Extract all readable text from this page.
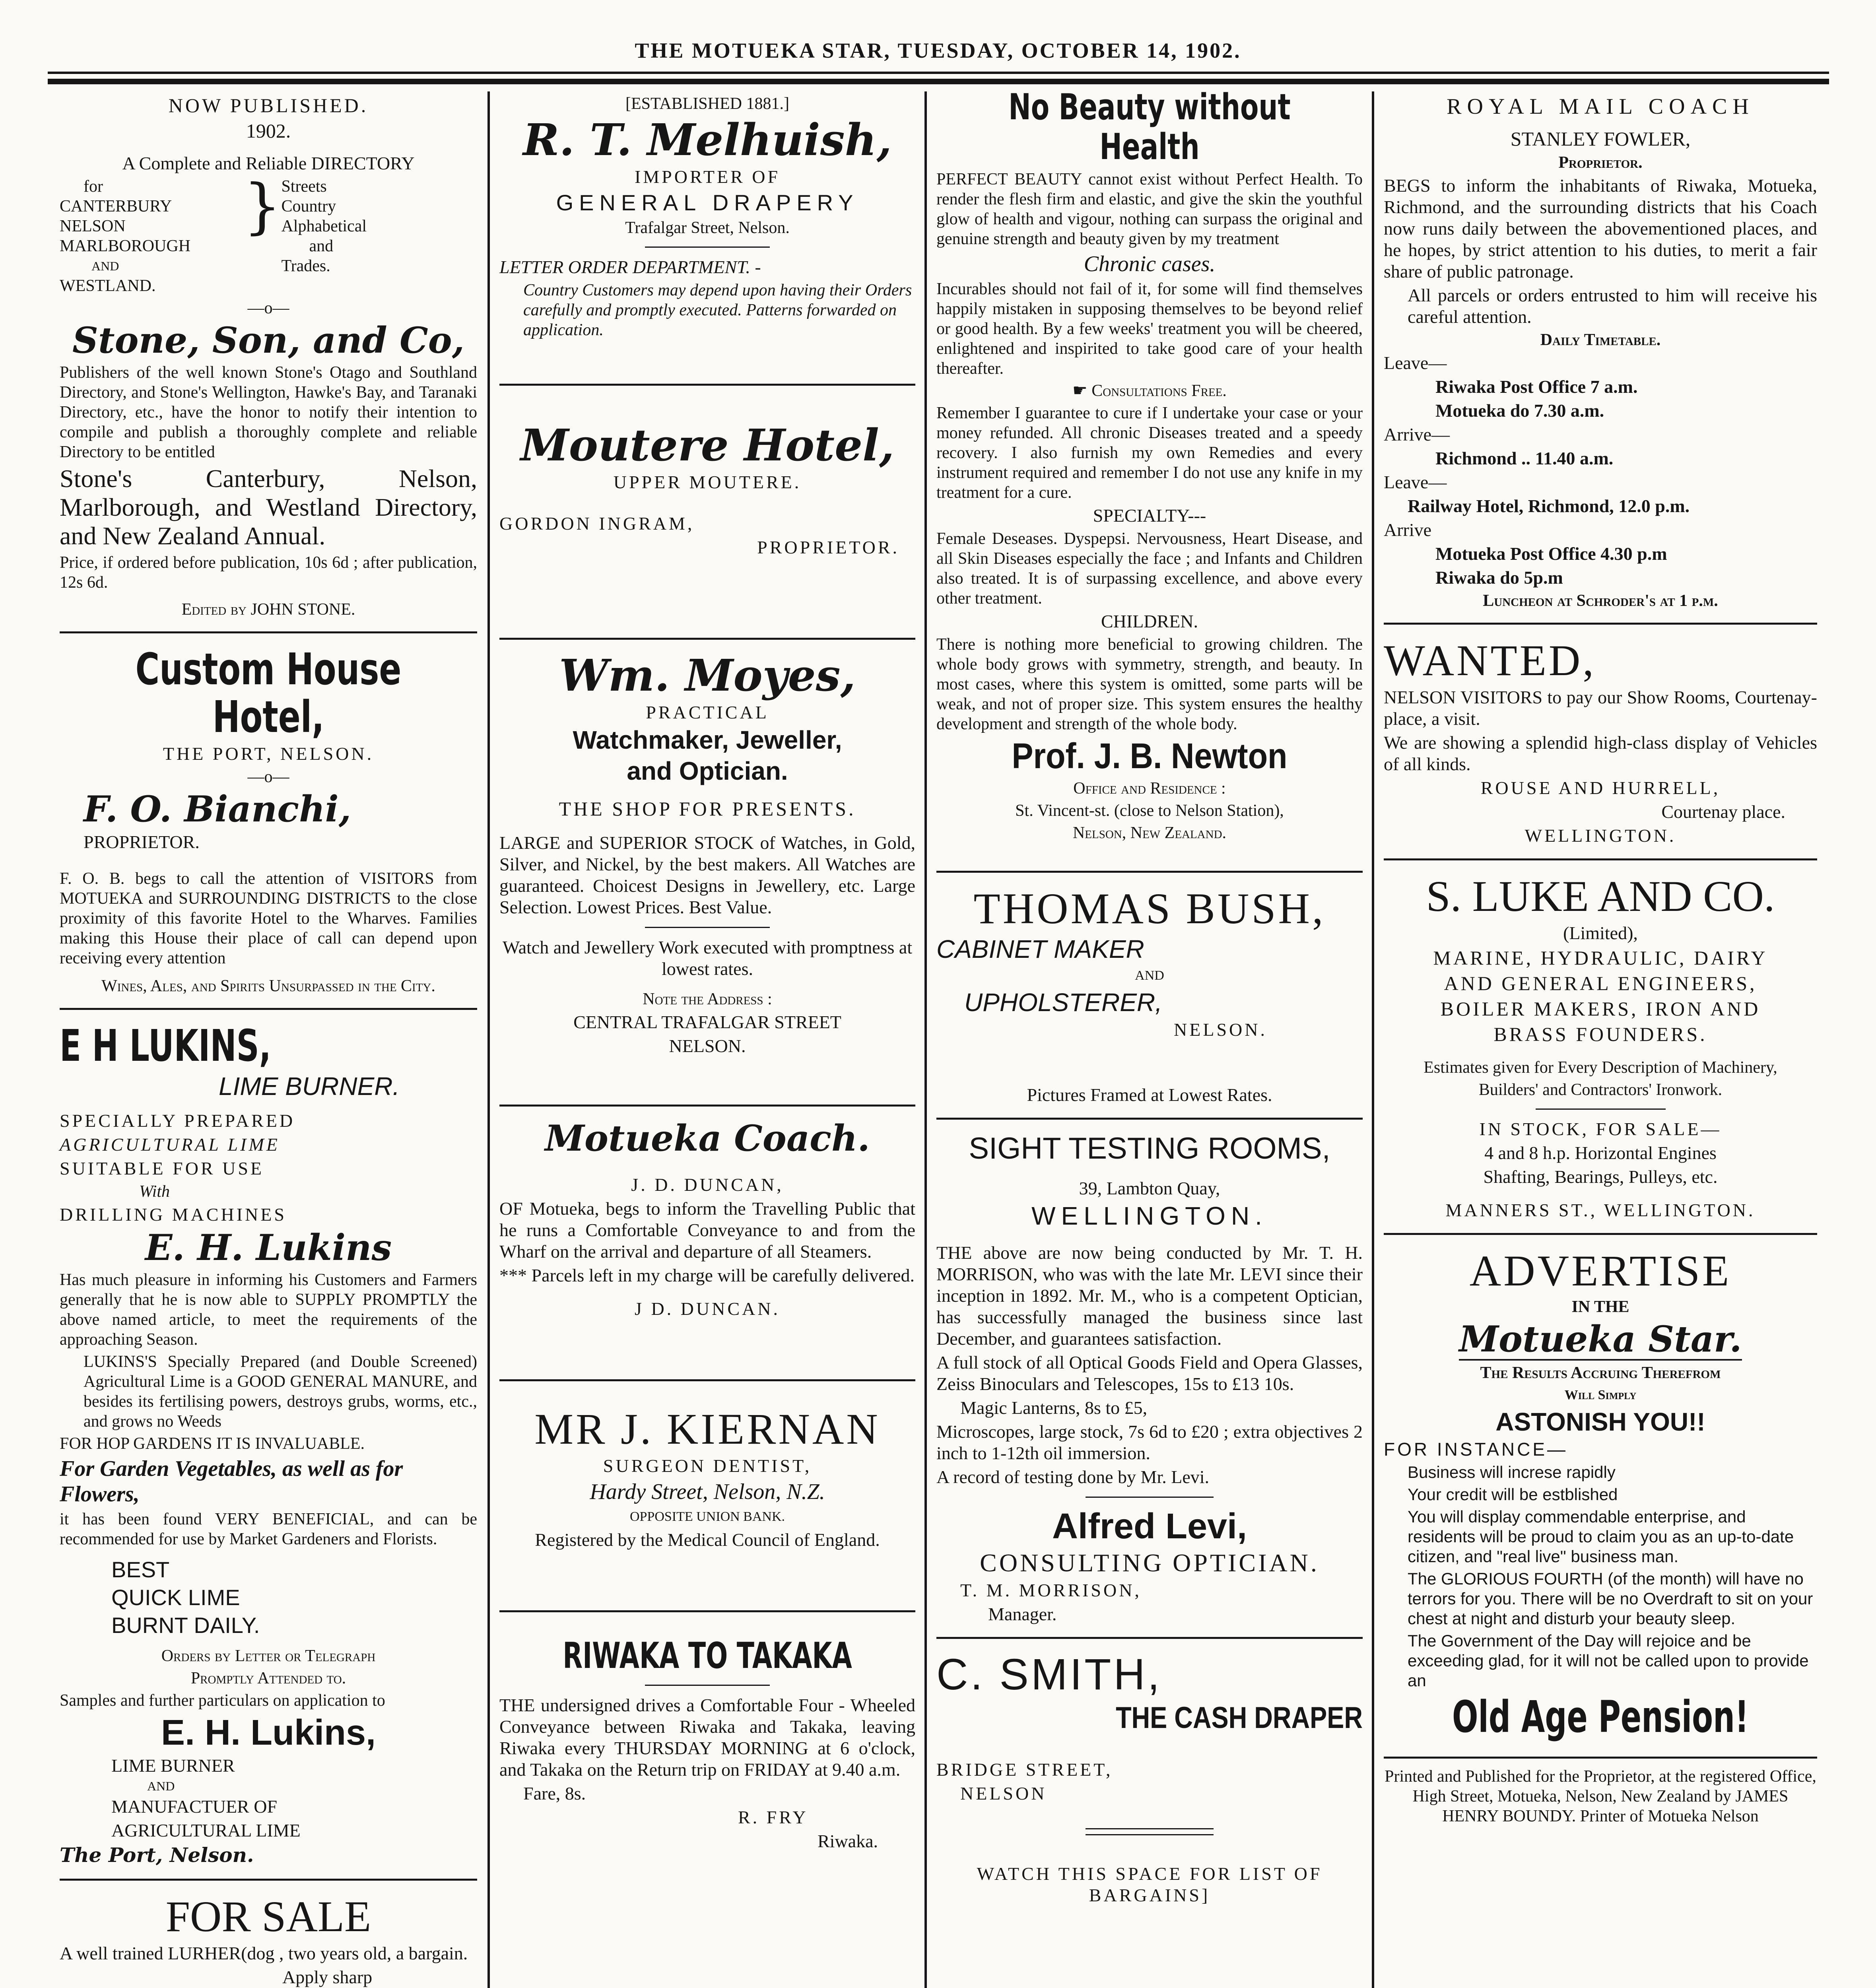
THE MOTUEKA STAR, TUESDAY, OCTOBER 14, 1902.

NOW PUBLISHED.

1902.

A Complete and Reliable DIRECTORY

for
CANTERBURY
NELSON
MARLBOROUGH
AND
WESTLAND.
	}	Streets
Country
Alphabetical
and
Trades.

—o—

Stone, Son, and Co,

Publishers of the well known Stone's Otago and Southland Directory, and Stone's Wellington, Hawke's Bay, and Taranaki Directory, etc., have the honor to notify their intention to compile and publish a thoroughly complete and reliable Directory to be entitled

Stone's Canterbury, Nelson, Marlborough, and Westland Directory, and New Zealand Annual.

Price, if ordered before publication, 10s 6d ; after publication, 12s 6d.

Edited by JOHN STONE.

Custom House Hotel,

THE PORT, NELSON.

—o—

F. O. Bianchi,

PROPRIETOR.

F. O. B. begs to call the attention of VISITORS from MOTUEKA and SURROUNDING DISTRICTS to the close proximity of this favorite Hotel to the Wharves. Families making this House their place of call can depend upon receiving every attention

Wines, Ales, and Spirits Unsurpassed in the City.

E H LUKINS,

LIME BURNER.

SPECIALLY PREPARED

AGRICULTURAL LIME

SUITABLE FOR USE

With

DRILLING MACHINES

E. H. Lukins

Has much pleasure in informing his Customers and Farmers generally that he is now able to SUPPLY PROMPTLY the above named article, to meet the requirements of the approaching Season.

LUKINS'S Specially Prepared (and Double Screened) Agricultural Lime is a GOOD GENERAL MANURE, and besides its fertilising powers, destroys grubs, worms, etc., and grows no Weeds

FOR HOP GARDENS IT IS INVALUABLE.

For Garden Vegetables, as well as for Flowers,

it has been found VERY BENEFICIAL, and can be recommended for use by Market Gardeners and Florists.

BEST

QUICK LIME

BURNT DAILY.

Orders by Letter or Telegraph

Promptly Attended to.

Samples and further particulars on application to

E. H. Lukins,

LIME BURNER

AND

MANUFACTUER OF

AGRICULTURAL LIME

The Port, Nelson.

FOR SALE

A well trained LURHER(dog , two years old, a bargain.

Apply sharp

[ESTABLISHED 1881.]

R. T. Melhuish,

IMPORTER OF

GENERAL DRAPERY

Trafalgar Street, Nelson.

LETTER ORDER DEPARTMENT. -

Country Customers may depend upon having their Orders carefully and promptly executed. Patterns forwarded on application.

Moutere Hotel,

UPPER MOUTERE.

GORDON INGRAM,

PROPRIETOR.

Wm. Moyes,

PRACTICAL

Watchmaker, Jeweller,

and Optician.

THE SHOP FOR PRESENTS.

LARGE and SUPERIOR STOCK of Watches, in Gold, Silver, and Nickel, by the best makers. All Watches are guaranteed. Choicest Designs in Jewellery, etc. Large Selection. Lowest Prices. Best Value.

Watch and Jewellery Work executed with promptness at lowest rates.

Note the Address :

CENTRAL TRAFALGAR STREET

NELSON.

Motueka Coach.

J. D. DUNCAN,

OF Motueka, begs to inform the Travelling Public that he runs a Comfortable Conveyance to and from the Wharf on the arrival and departure of all Steamers.

*** Parcels left in my charge will be carefully delivered.

J D. DUNCAN.

MR J. KIERNAN

SURGEON DENTIST,

Hardy Street, Nelson, N.Z.

OPPOSITE UNION BANK.

Registered by the Medical Council of England.

RIWAKA TO TAKAKA

THE undersigned drives a Comfortable Four - Wheeled Conveyance between Riwaka and Takaka, leaving Riwaka every THURSDAY MORNING at 6 o'clock, and Takaka on the Return trip on FRIDAY at 9.40 a.m.

Fare, 8s.

R. FRY

Riwaka.

No Beauty without Health

PERFECT BEAUTY cannot exist without Perfect Health. To render the flesh firm and elastic, and give the skin the youthful glow of health and vigour, nothing can surpass the original and genuine strength and beauty given by my treatment

Chronic cases.

Incurables should not fail of it, for some will find themselves happily mistaken in supposing themselves to be beyond relief or good health. By a few weeks' treatment you will be cheered, enlightened and inspirited to take good care of your health thereafter.

☛ Consultations Free.

Remember I guarantee to cure if I undertake your case or your money refunded. All chronic Diseases treated and a speedy recovery. I also furnish my own Remedies and every instrument required and remember I do not use any knife in my treatment for a cure.

SPECIALTY---

Female Deseases. Dyspepsi. Nervousness, Heart Disease, and all Skin Diseases especially the face ; and Infants and Children also treated. It is of surpassing excellence, and above every other treatment.

CHILDREN.

There is nothing more beneficial to growing children. The whole body grows with symmetry, strength, and beauty. In most cases, where this system is omitted, some parts will be weak, and not of proper size. This system ensures the healthy development and strength of the whole body.

Prof. J. B. Newton

Office and Residence :

St. Vincent-st. (close to Nelson Station),

Nelson, New Zealand.

THOMAS BUSH,

CABINET MAKER

AND

UPHOLSTERER,

NELSON.

Pictures Framed at Lowest Rates.

SIGHT TESTING ROOMS,

39, Lambton Quay,

WELLINGTON.

THE above are now being conducted by Mr. T. H. MORRISON, who was with the late Mr. LEVI since their inception in 1892. Mr. M., who is a competent Optician, has successfully managed the business since last December, and guarantees satisfaction.

A full stock of all Optical Goods Field and Opera Glasses, Zeiss Binoculars and Telescopes, 15s to £13 10s.

Magic Lanterns, 8s to £5,

Microscopes, large stock, 7s 6d to £20 ; extra objectives 2 inch to 1-12th oil immersion.

A record of testing done by Mr. Levi.

Alfred Levi,

CONSULTING OPTICIAN.

T. M. MORRISON,

Manager.

C. SMITH,

THE CASH DRAPER

BRIDGE STREET,

NELSON

WATCH THIS SPACE FOR LIST OF BARGAINS]

ROYAL MAIL COACH

STANLEY FOWLER,

Proprietor.

BEGS to inform the inhabitants of Riwaka, Motueka, Richmond, and the surrounding districts that his Coach now runs daily between the abovementioned places, and he hopes, by strict attention to his duties, to merit a fair share of public patronage.

All parcels or orders entrusted to him will receive his careful attention.

Daily Timetable.

Leave—

Riwaka Post Office 7 a.m.

Motueka do 7.30 a.m.

Arrive—

Richmond .. 11.40 a.m.

Leave—

Railway Hotel, Richmond, 12.0 p.m.

Arrive

Motueka Post Office 4.30 p.m

Riwaka do 5p.m

Luncheon at Schroder's at 1 p.m.

WANTED,

NELSON VISITORS to pay our Show Rooms, Courtenay-place, a visit.

We are showing a splendid high-class display of Vehicles of all kinds.

ROUSE AND HURRELL,

Courtenay place.

WELLINGTON.

S. LUKE AND CO.

(Limited),

MARINE, HYDRAULIC, DAIRY

AND GENERAL ENGINEERS,

BOILER MAKERS, IRON AND

BRASS FOUNDERS.

Estimates given for Every Description of Machinery,

Builders' and Contractors' Ironwork.

IN STOCK, FOR SALE—

4 and 8 h.p. Horizontal Engines

Shafting, Bearings, Pulleys, etc.

MANNERS ST., WELLINGTON.

ADVERTISE

IN THE

Motueka Star.

The Results Accruing Therefrom

Will Simply

ASTONISH YOU!!

FOR INSTANCE—

Business will increse rapidly

Your credit will be estblished

You will display commendable enterprise, and residents will be proud to claim you as an up-to-date citizen, and "real live" business man.

The GLORIOUS FOURTH (of the month) will have no terrors for you. There will be no Overdraft to sit on your chest at night and disturb your beauty sleep.

The Government of the Day will rejoice and be exceeding glad, for it will not be called upon to provide an

Old Age Pension!

Printed and Published for the Proprietor, at the registered Office, High Street, Motueka, Nelson, New Zealand by JAMES HENRY BOUNDY. Printer of Motueka Nelson
